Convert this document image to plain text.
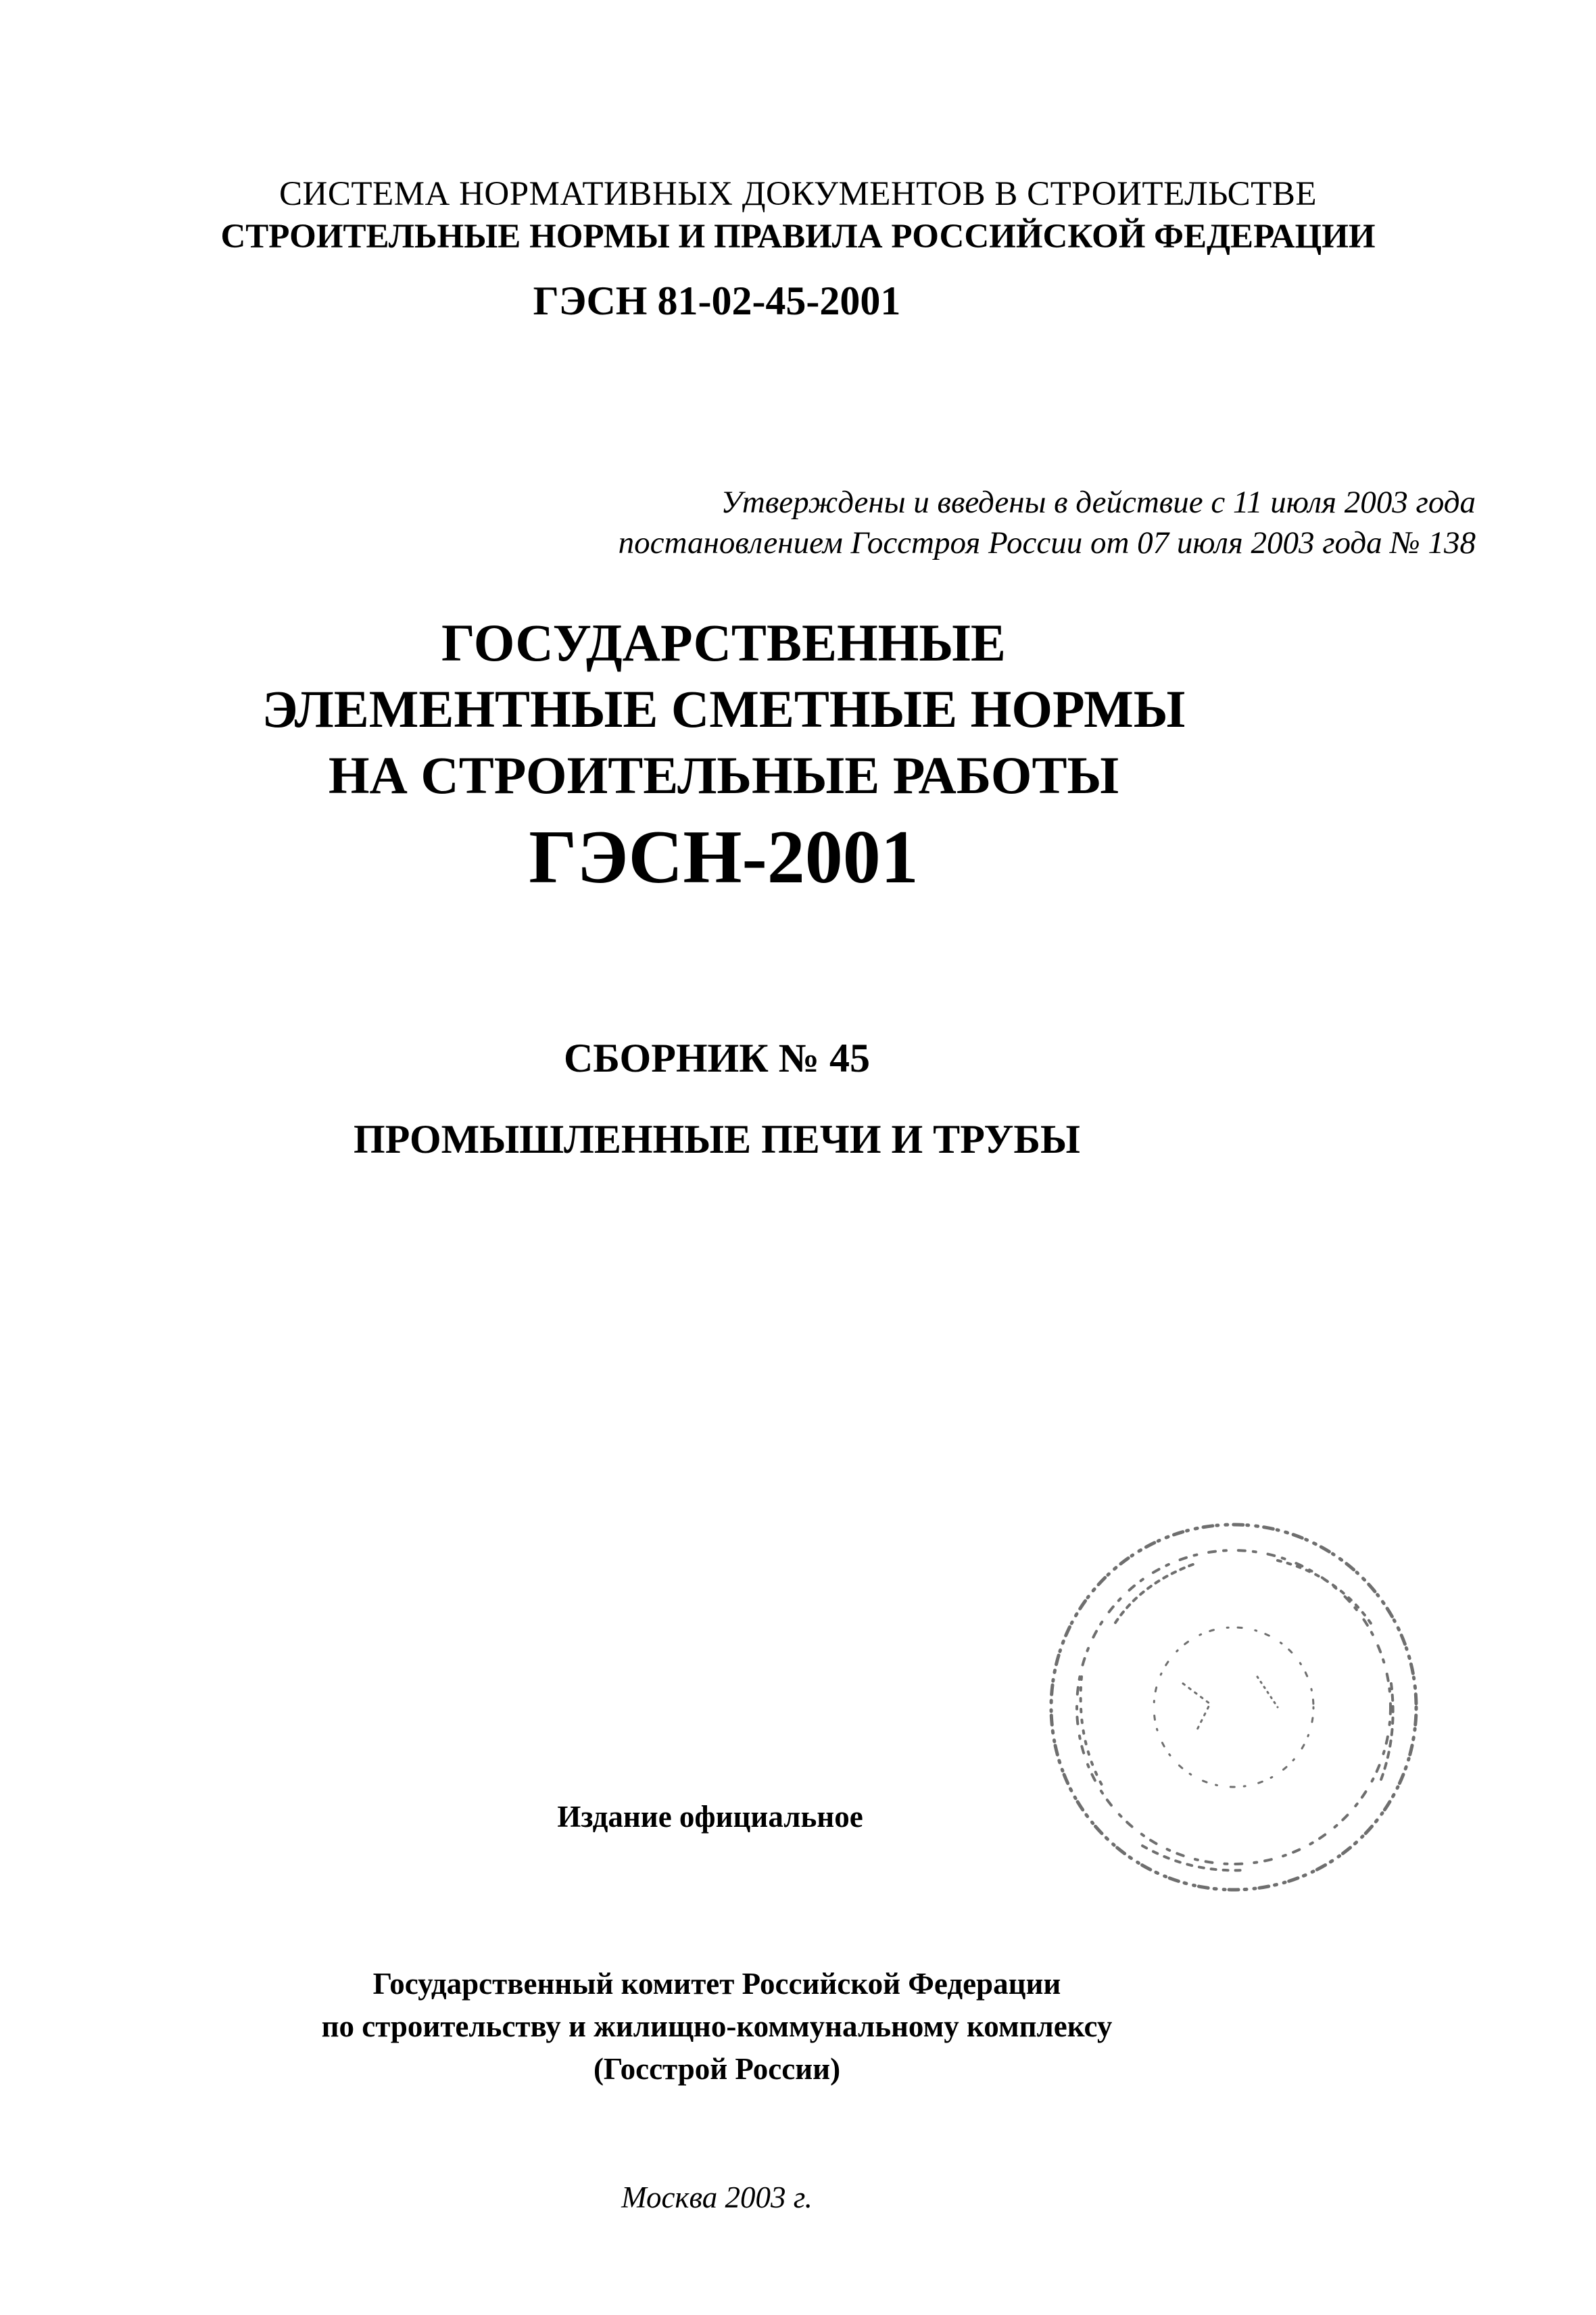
СИСТЕМА НОРМАТИВНЫХ ДОКУМЕНТОВ В СТРОИТЕЛЬСТВЕ
СТРОИТЕЛЬНЫЕ НОРМЫ И ПРАВИЛА РОССИЙСКОЙ ФЕДЕРАЦИИ
ГЭСН 81-02-45-2001
Утверждены и введены в действие с 11 июля 2003 года
постановлением Госстроя России от 07 июля 2003 года № 138
ГОСУДАРСТВЕННЫЕ
ЭЛЕМЕНТНЫЕ СМЕТНЫЕ НОРМЫ
НА СТРОИТЕЛЬНЫЕ РАБОТЫ
ГЭСН-2001
СБОРНИК № 45
ПРОМЫШЛЕННЫЕ ПЕЧИ И ТРУБЫ
Издание официальное
Государственный комитет Российской Федерации
по строительству и жилищно-коммунальному комплексу
(Госстрой России)
Москва 2003 г.
